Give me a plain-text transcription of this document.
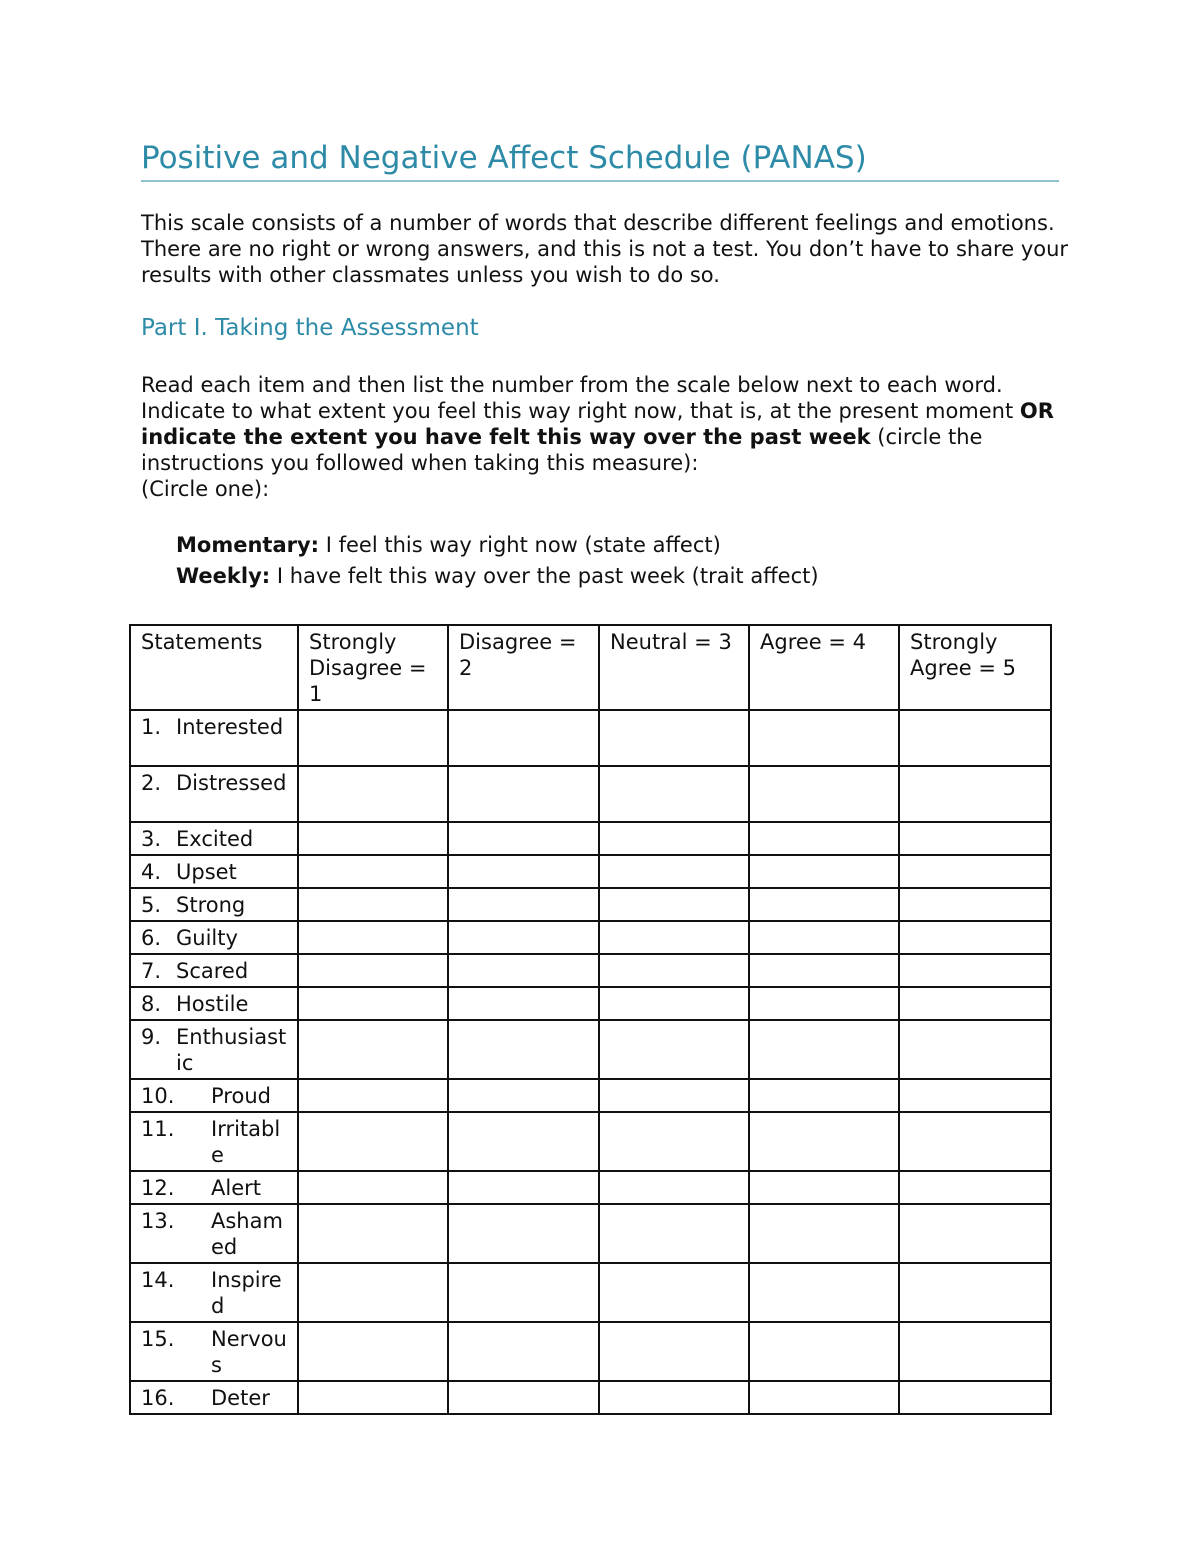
Positive and Negative Affect Schedule (PANAS)

This scale consists of a number of words that describe different feelings and emotions. There are no right or wrong answers, and this is not a test. You don’t have to share your results with other classmates unless you wish to do so.

Part I. Taking the Assessment

Read each item and then list the number from the scale below next to each word. Indicate to what extent you feel this way right now, that is, at the present moment OR indicate the extent you have felt this way over the past week (circle the instructions you followed when taking this measure):
(Circle one):

Momentary: I feel this way right now (state affect)
Weekly: I have felt this way over the past week (trait affect)
Statements	Strongly Disagree = 1	Disagree = 2	Neutral = 3	Agree = 4	Strongly Agree = 5

1. Interested					

2. Distressed					

3. Excited					

4. Upset					

5. Strong					

6. Guilty					

7. Scared					

8. Hostile					

9. Enthusiastic					

10. Proud					

11. Irritable					

12. Alert					

13. Ashamed					

14. Inspired					

15. Nervous					

16. Deter					
